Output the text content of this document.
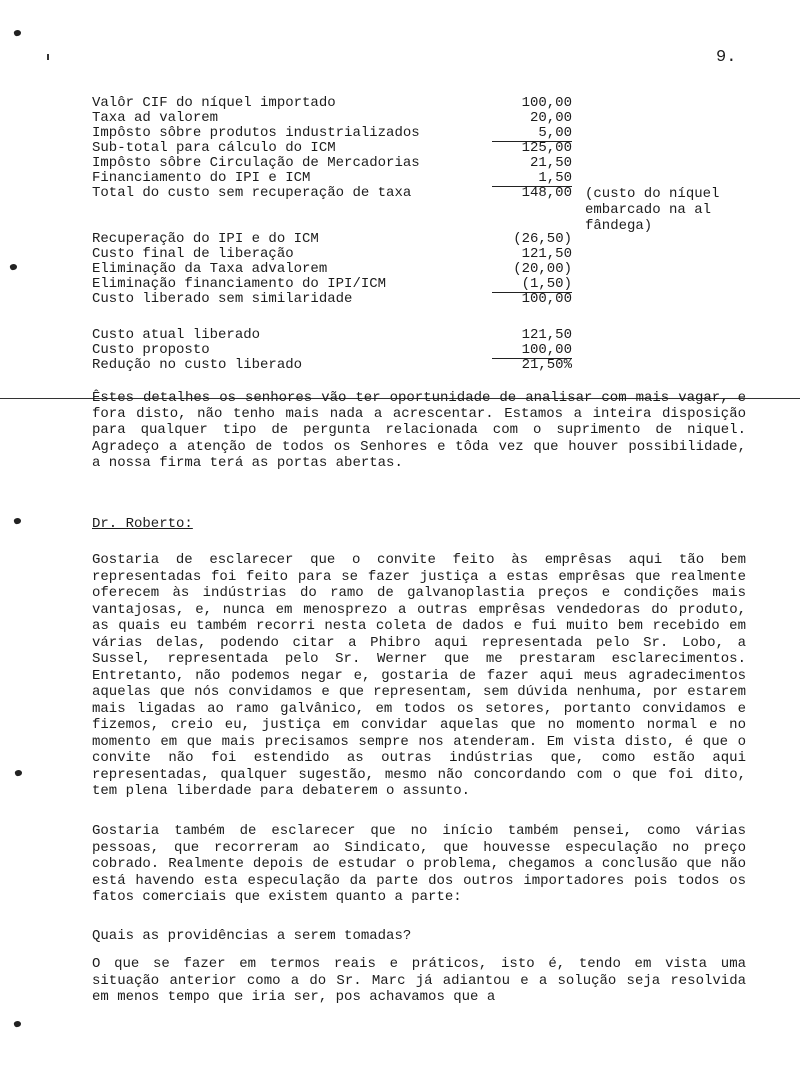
9.
Valôr CIF do níquel importado	100,00
Taxa ad valorem	20,00
Impôsto sôbre produtos industrializados	5,00
Sub-total para cálculo do ICM	125,00
Impôsto sôbre Circulação de Mercadorias	21,50
Financiamento do IPI e ICM	1,50
Total do custo sem recuperação de taxa	148,00 (custo do níquel
embarcado na al
fândega)
Recuperação do IPI e do ICM	(26,50)
Custo final de liberação	121,50
Eliminação da Taxa advalorem	(20,00)
Eliminação financiamento do IPI/ICM	(1,50)
Custo liberado sem similaridade	100,00
Custo atual liberado	121,50
Custo proposto	100,00
Redução no custo liberado	21,50%
Êstes detalhes os senhores vão ter oportunidade de analisar com mais vagar, e fora disto, não tenho mais nada a acrescentar. Estamos a inteira disposição para qualquer tipo de pergunta relacionada com o suprimento de niquel. Agradeço a atenção de todos os Senhores e tôda vez que houver possibilidade, a nossa firma terá as portas abertas.
Dr. Roberto:
Gostaria de esclarecer que o convite feito às emprêsas aqui tão bem representadas foi feito para se fazer justiça a estas emprêsas que realmente oferecem às indústrias do ramo de galvanoplastia preços e condições mais vantajosas, e, nunca em menosprezo a outras emprêsas vendedoras do produto, as quais eu também recorri nesta coleta de dados e fui muito bem recebido em várias delas, podendo citar a Phibro aqui representada pelo Sr. Lobo, a Sussel, representada pelo Sr. Werner que me prestaram esclarecimentos. Entretanto, não podemos negar e, gostaria de fazer aqui meus agradecimentos aquelas que nós convidamos e que representam, sem dúvida nenhuma, por estarem mais ligadas ao ramo galvânico, em todos os setores, portanto convidamos e fizemos, creio eu, justiça em convidar aquelas que no momento normal e no momento em que mais precisamos sempre nos atenderam. Em vista disto, é que o convite não foi estendido as outras indústrias que, como estão aqui representadas, qualquer sugestão, mesmo não concordando com o que foi dito, tem plena liberdade para debaterem o assunto.
Gostaria também de esclarecer que no início também pensei, como várias pessoas, que recorreram ao Sindicato, que houvesse especulação no preço cobrado. Realmente depois de estudar o problema, chegamos a conclusão que não está havendo esta especulação da parte dos outros importadores pois todos os fatos comerciais que existem quanto a parte:
Quais as providências a serem tomadas?
O que se fazer em termos reais e práticos, isto é, tendo em vista uma situação anterior como a do Sr. Marc já adiantou e a solução seja resolvida em menos tempo que iria ser, pos achavamos que a
